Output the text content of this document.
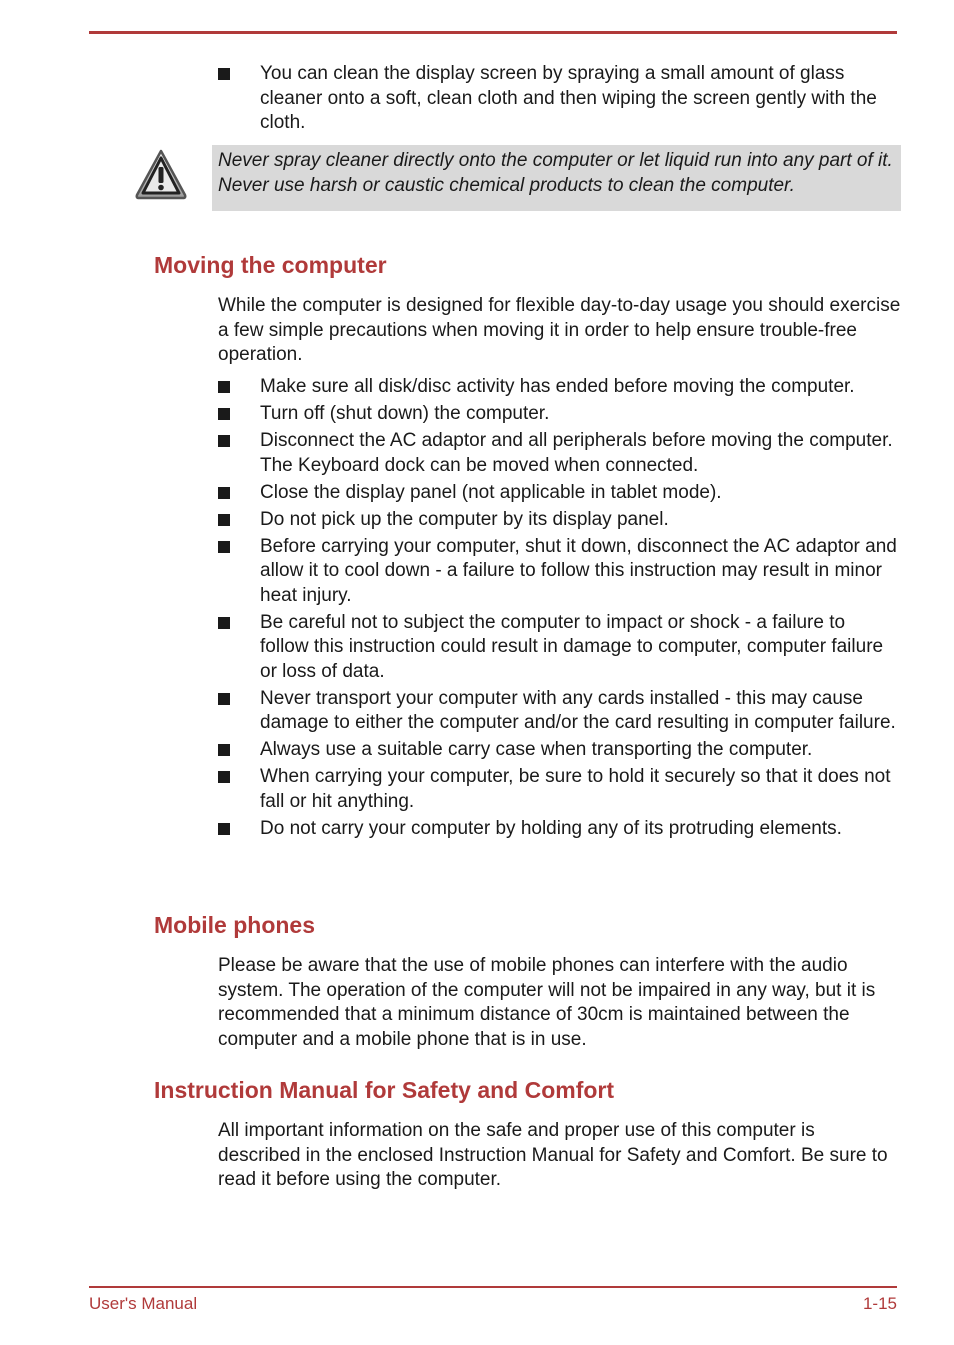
You can clean the display screen by spraying a small amount of glass cleaner onto a soft, clean cloth and then wiping the screen gently with the cloth.

Never spray cleaner directly onto the computer or let liquid run into any part of it. Never use harsh or caustic chemical products to clean the computer.

Moving the computer

While the computer is designed for flexible day-to-day usage you should exercise a few simple precautions when moving it in order to help ensure trouble-free operation.

Make sure all disk/disc activity has ended before moving the computer.
Turn off (shut down) the computer.
Disconnect the AC adaptor and all peripherals before moving the computer. The Keyboard dock can be moved when connected.
Close the display panel (not applicable in tablet mode).
Do not pick up the computer by its display panel.
Before carrying your computer, shut it down, disconnect the AC adaptor and allow it to cool down - a failure to follow this instruction may result in minor heat injury.
Be careful not to subject the computer to impact or shock - a failure to follow this instruction could result in damage to computer, computer failure or loss of data.
Never transport your computer with any cards installed - this may cause damage to either the computer and/or the card resulting in computer failure.
Always use a suitable carry case when transporting the computer.
When carrying your computer, be sure to hold it securely so that it does not fall or hit anything.
Do not carry your computer by holding any of its protruding elements.
Mobile phones

Please be aware that the use of mobile phones can interfere with the audio system. The operation of the computer will not be impaired in any way, but it is recommended that a minimum distance of 30cm is maintained between the computer and a mobile phone that is in use.

Instruction Manual for Safety and Comfort

All important information on the safe and proper use of this computer is described in the enclosed Instruction Manual for Safety and Comfort. Be sure to read it before using the computer.

User's Manual	1-15
